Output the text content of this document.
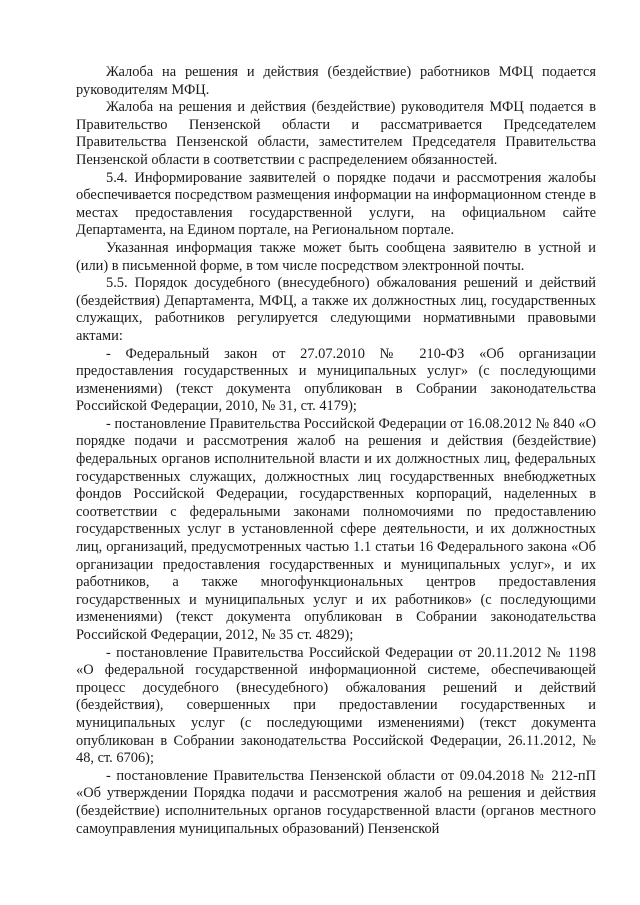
Жалоба на решения и действия (бездействие) работников МФЦ подается руководителям МФЦ.

Жалоба на решения и действия (бездействие) руководителя МФЦ подается в Правительство Пензенской области и рассматривается Председателем Правительства Пензенской области, заместителем Председателя Правительства Пензенской области в соответствии с распределением обязанностей.

5.4. Информирование заявителей о порядке подачи и рассмотрения жалобы обеспечивается посредством размещения информации на информационном стенде в местах предоставления государственной услуги, на официальном сайте Департамента, на Едином портале, на Региональном портале.

Указанная информация также может быть сообщена заявителю в устной и (или) в письменной форме, в том числе посредством электронной почты.

5.5. Порядок досудебного (внесудебного) обжалования решений и действий (бездействия) Департамента, МФЦ, а также их должностных лиц, государственных служащих, работников регулируется следующими нормативными правовыми актами:

- Федеральный закон от 27.07.2010 № 210-ФЗ «Об организации предоставления государственных и муниципальных услуг» (с последующими изменениями) (текст документа опубликован в Собрании законодательства Российской Федерации, 2010, № 31, ст. 4179);

- постановление Правительства Российской Федерации от 16.08.2012 № 840 «О порядке подачи и рассмотрения жалоб на решения и действия (бездействие) федеральных органов исполнительной власти и их должностных лиц, федеральных государственных служащих, должностных лиц государственных внебюджетных фондов Российской Федерации, государственных корпораций, наделенных в соответствии с федеральными законами полномочиями по предоставлению государственных услуг в установленной сфере деятельности, и их должностных лиц, организаций, предусмотренных частью 1.1 статьи 16 Федерального закона «Об организации предоставления государственных и муниципальных услуг», и их работников, а также многофункциональных центров предоставления государственных и муниципальных услуг и их работников» (с последующими изменениями) (текст документа опубликован в Собрании законодательства Российской Федерации, 2012, № 35 ст. 4829);

- постановление Правительства Российской Федерации от 20.11.2012 № 1198 «О федеральной государственной информационной системе, обеспечивающей процесс досудебного (внесудебного) обжалования решений и действий (бездействия), совершенных при предоставлении государственных и муниципальных услуг (с последующими изменениями) (текст документа опубликован в Собрании законодательства Российской Федерации, 26.11.2012, № 48, ст. 6706);

- постановление Правительства Пензенской области от 09.04.2018 № 212-пП «Об утверждении Порядка подачи и рассмотрения жалоб на решения и действия (бездействие) исполнительных органов государственной власти (органов местного самоуправления муниципальных образований) Пензенской
